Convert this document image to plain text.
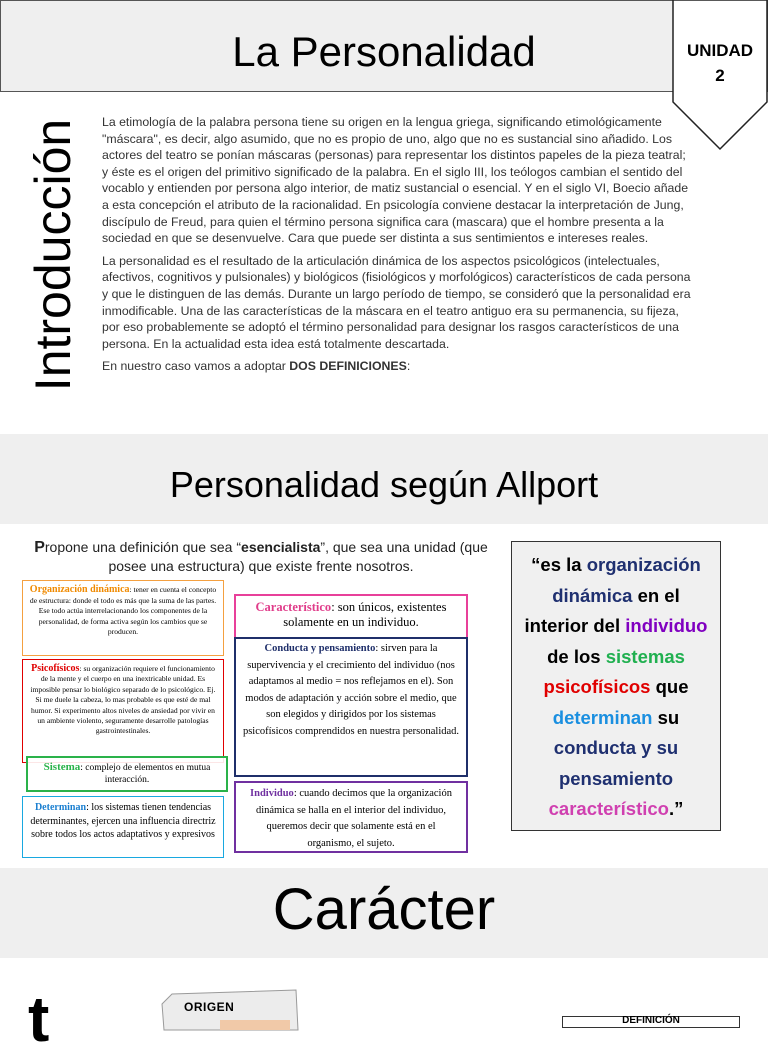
La Personalidad	UNIDAD
2
Introducción La etimología de la palabra persona tiene su origen en la lengua griega, significando etimológicamente "máscara", es decir, algo asumido, que no es propio de uno, algo que no es sustancial sino añadido. Los actores del teatro se ponían máscaras (personas) para representar los distintos papeles de la pieza teatral; y éste es el origen del primitivo significado de la palabra. En el siglo III, los teólogos cambian el sentido del vocablo y entienden por persona algo interior, de matiz sustancial o esencial. Y en el siglo VI, Boecio añade a esta concepción el atributo de la racionalidad. En psicología conviene destacar la interpretación de Jung, discípulo de Freud, para quien el término persona significa cara (mascara) que el hombre presenta a la sociedad en que se desenvuelve. Cara que puede ser distinta a sus sentimientos e intereses reales.

La personalidad es el resultado de la articulación dinámica de los aspectos psicológicos (intelectuales, afectivos, cognitivos y pulsionales) y biológicos (fisiológicos y morfológicos) característicos de cada persona y que le distinguen de las demás. Durante un largo período de tiempo, se consideró que la personalidad era inmodificable. Una de las características de la máscara en el teatro antiguo era su permanencia, su fijeza, por eso probablemente se adoptó el término personalidad para designar los rasgos característicos de una persona. En la actualidad esta idea está totalmente descartada.

En nuestro caso vamos a adoptar DOS DEFINICIONES:

Personalidad según Allport
Propone una definición que sea “esencialista”, que sea una unidad (que posee una estructura) que existe frente nosotros.
Organización dinámica: tener en cuenta el concepto de estructura: donde el todo es más que la suma de las partes. Ese todo actúa interrelacionando los componentes de la personalidad, de forma activa según los cambios que se producen.
Psicofísicos: su organización requiere el funcionamiento de la mente y el cuerpo en una inextricable unidad. Es imposible pensar lo biológico separado de lo psicológico. Ej. Si me duele la cabeza, lo mas probable es que esté de mal humor. Si experimento altos niveles de ansiedad por vivir en un ambiente violento, seguramente desarrolle patologías gastrointestinales.
Sistema: complejo de elementos en mutua interacción.
Determinan: los sistemas tienen tendencias determinantes, ejercen una influencia directriz sobre todos los actos adaptativos y expresivos
Característico: son únicos, existentes solamente en un individuo.
Conducta y pensamiento: sirven para la supervivencia y el crecimiento del individuo (nos adaptamos al medio = nos reflejamos en el). Son modos de adaptación y acción sobre el medio, que son elegidos y dirigidos por los sistemas psicofísicos comprendidos en nuestra personalidad.
Individuo: cuando decimos que la organización dinámica se halla en el interior del individuo, queremos decir que solamente está en el organismo, el sujeto.
“es la organización dinámica en el interior del individuo de los sistemas psicofísicos que determinan su conducta y su pensamiento característico.”
Carácter
t	ORIGEN
DEFINICIÓN
